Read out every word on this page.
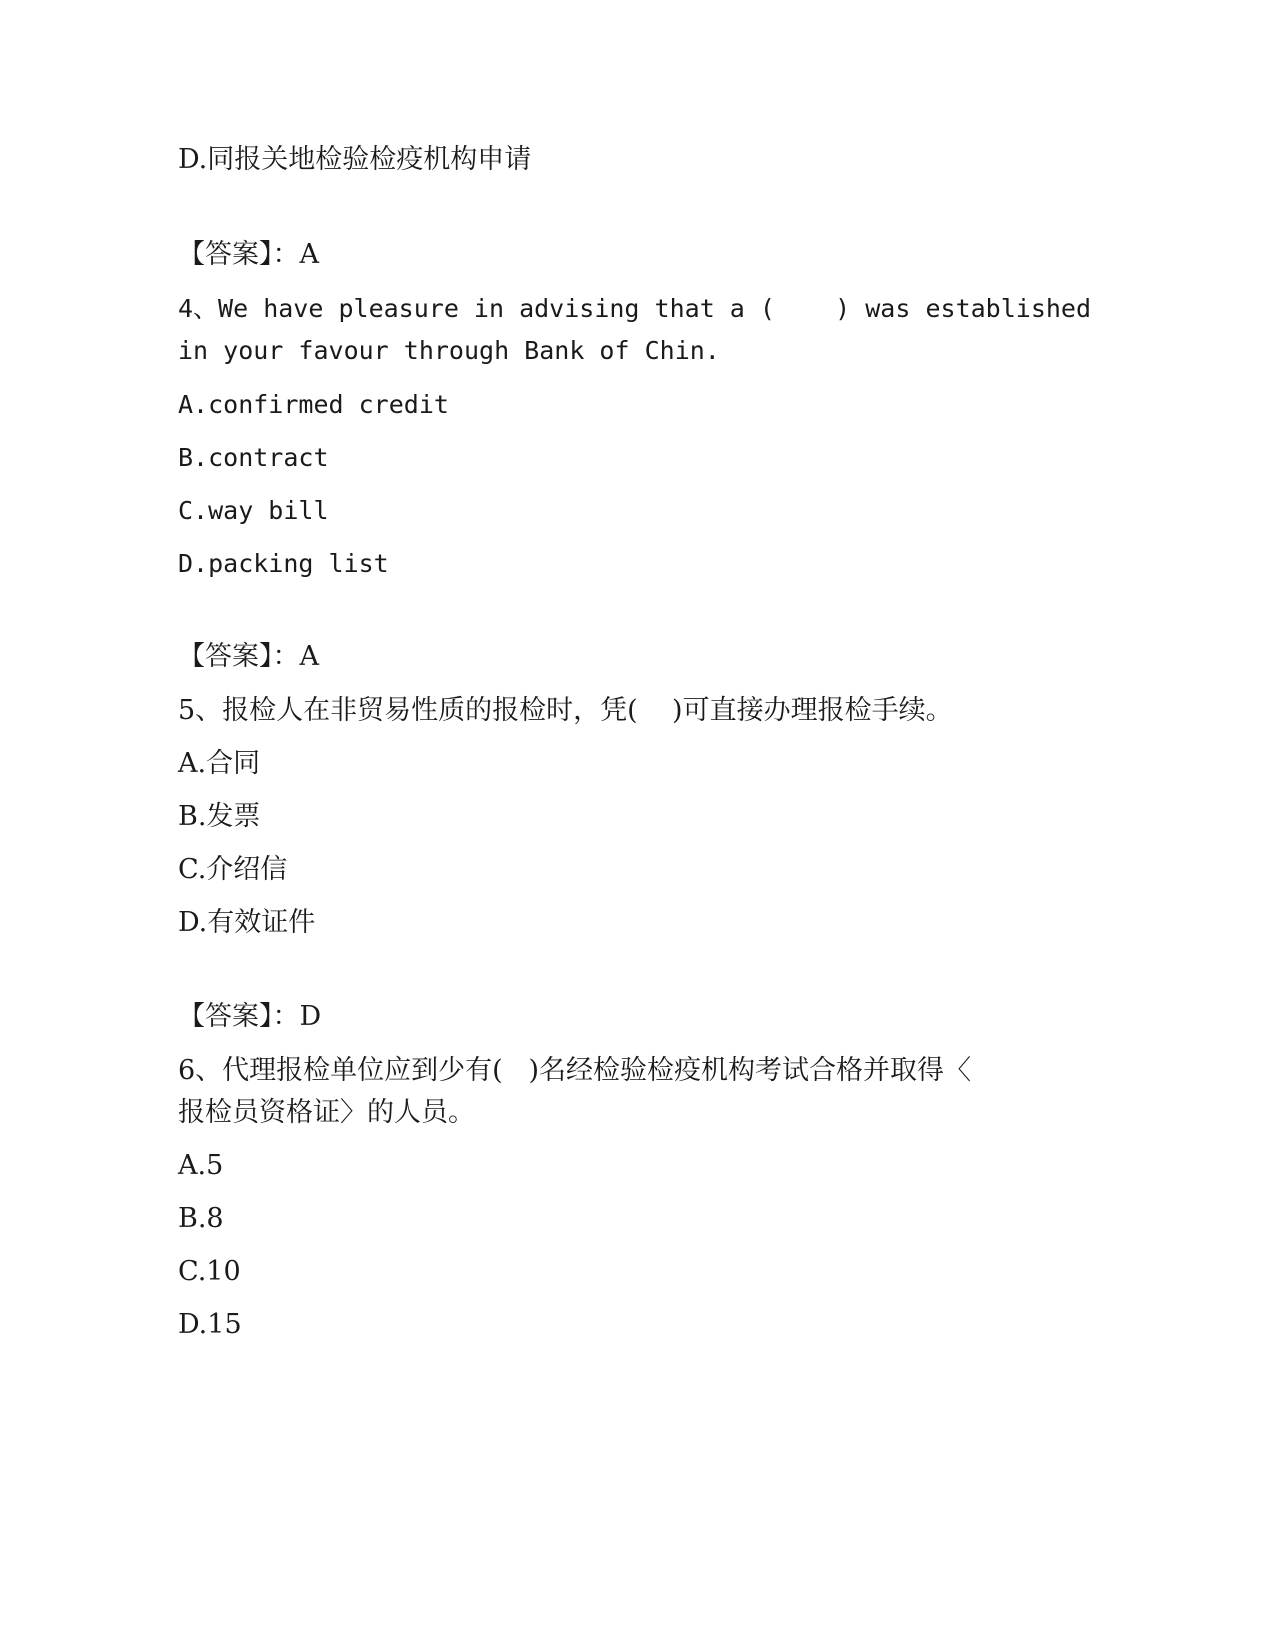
D.同报关地检验检疫机构申请
【答案】：A
4、We have pleasure in advising that a (    ) was established
in your favour through Bank of Chin.
A.confirmed credit
B.contract
C.way bill
D.packing list
【答案】：A
5、报检人在非贸易性质的报检时，凭(    )可直接办理报检手续。
A.合同
B.发票
C.介绍信
D.有效证件
【答案】：D
6、代理报检单位应到少有(   )名经检验检疫机构考试合格并取得〈
报检员资格证〉的人员。
A.5
B.8
C.10
D.15
